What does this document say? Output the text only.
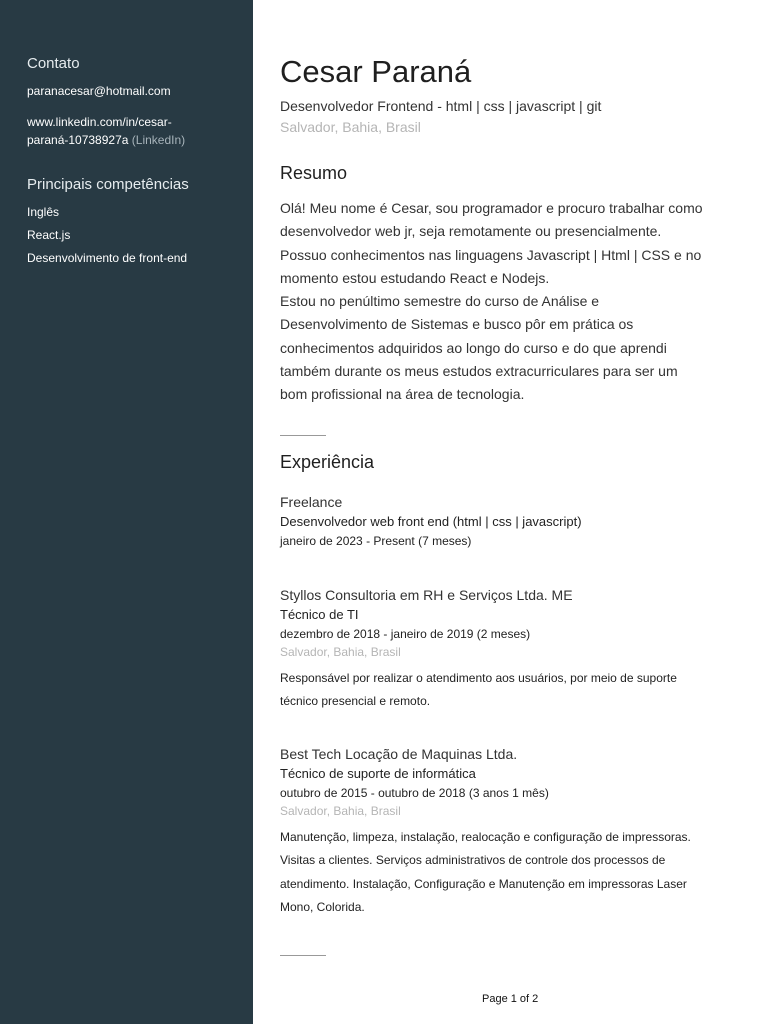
Contato
paranacesar@hotmail.com
www.linkedin.com/in/cesar-paraná-10738927a (LinkedIn)
Principais competências
Inglês
React.js
Desenvolvimento de front-end
Cesar Paraná
Desenvolvedor Frontend - html | css | javascript | git
Salvador, Bahia, Brasil
Resumo
Olá! Meu nome é Cesar, sou programador e procuro trabalhar como
desenvolvedor web jr, seja remotamente ou presencialmente.
Possuo conhecimentos nas linguagens Javascript | Html | CSS e no
momento estou estudando React e Nodejs.
Estou no penúltimo semestre do curso de Análise e
Desenvolvimento de Sistemas e busco pôr em prática os
conhecimentos adquiridos ao longo do curso e do que aprendi
também durante os meus estudos extracurriculares para ser um
bom profissional na área de tecnologia.
Experiência
Freelance
Desenvolvedor web front end (html | css | javascript)
janeiro de 2023 - Present (7 meses)
Styllos Consultoria em RH e Serviços Ltda. ME
Técnico de TI
dezembro de 2018 - janeiro de 2019 (2 meses)
Salvador, Bahia, Brasil
Responsável por realizar o atendimento aos usuários, por meio de suporte
técnico presencial e remoto.
Best Tech Locação de Maquinas Ltda.
Técnico de suporte de informática
outubro de 2015 - outubro de 2018 (3 anos 1 mês)
Salvador, Bahia, Brasil
Manutenção, limpeza, instalação, realocação e configuração de impressoras.
Visitas a clientes. Serviços administrativos de controle dos processos de
atendimento. Instalação, Configuração e Manutenção em impressoras Laser
Mono, Colorida.
Page 1 of 2
